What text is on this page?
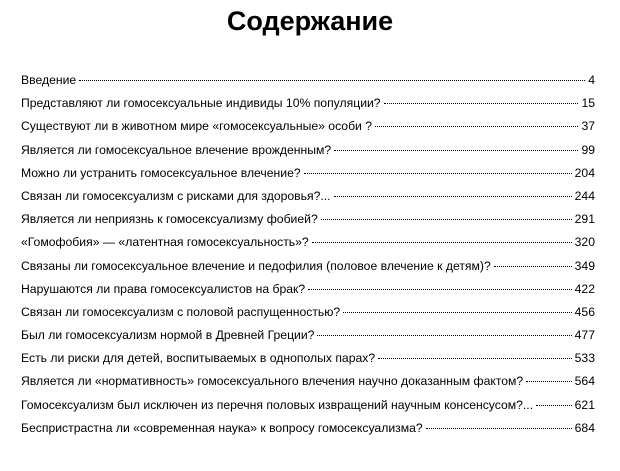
Содержание
Введение	4
Представляют ли гомосексуальные индивиды 10% популяции?	15
Существуют ли в животном мире «гомосексуальные» особи ?	37
Является ли гомосексуальное влечение врожденным?	99
Можно ли устранить гомосексуальное влечение?	204
Связан ли гомосексуализм с рисками для здоровья?...	244
Является ли неприязнь к гомосексуализму фобией?	291
«Гомофобия» — «латентная гомосексуальность»?	320
Связаны ли гомосексуальное влечение и педофилия (половое влечение к детям)?	349
Нарушаются ли права гомосексуалистов на брак?	422
Связан ли гомосексуализм с половой распущенностью?	456
Был ли гомосексуализм нормой в Древней Греции?	477
Есть ли риски для детей, воспитываемых в однополых парах?	533
Является ли «нормативность» гомосексуального влечения научно доказанным фактом?	564
Гомосексуализм был исключен из перечня половых извращений научным консенсусом?...	621
Беспристрастна ли «современная наука» к вопросу гомосексуализма?	684
